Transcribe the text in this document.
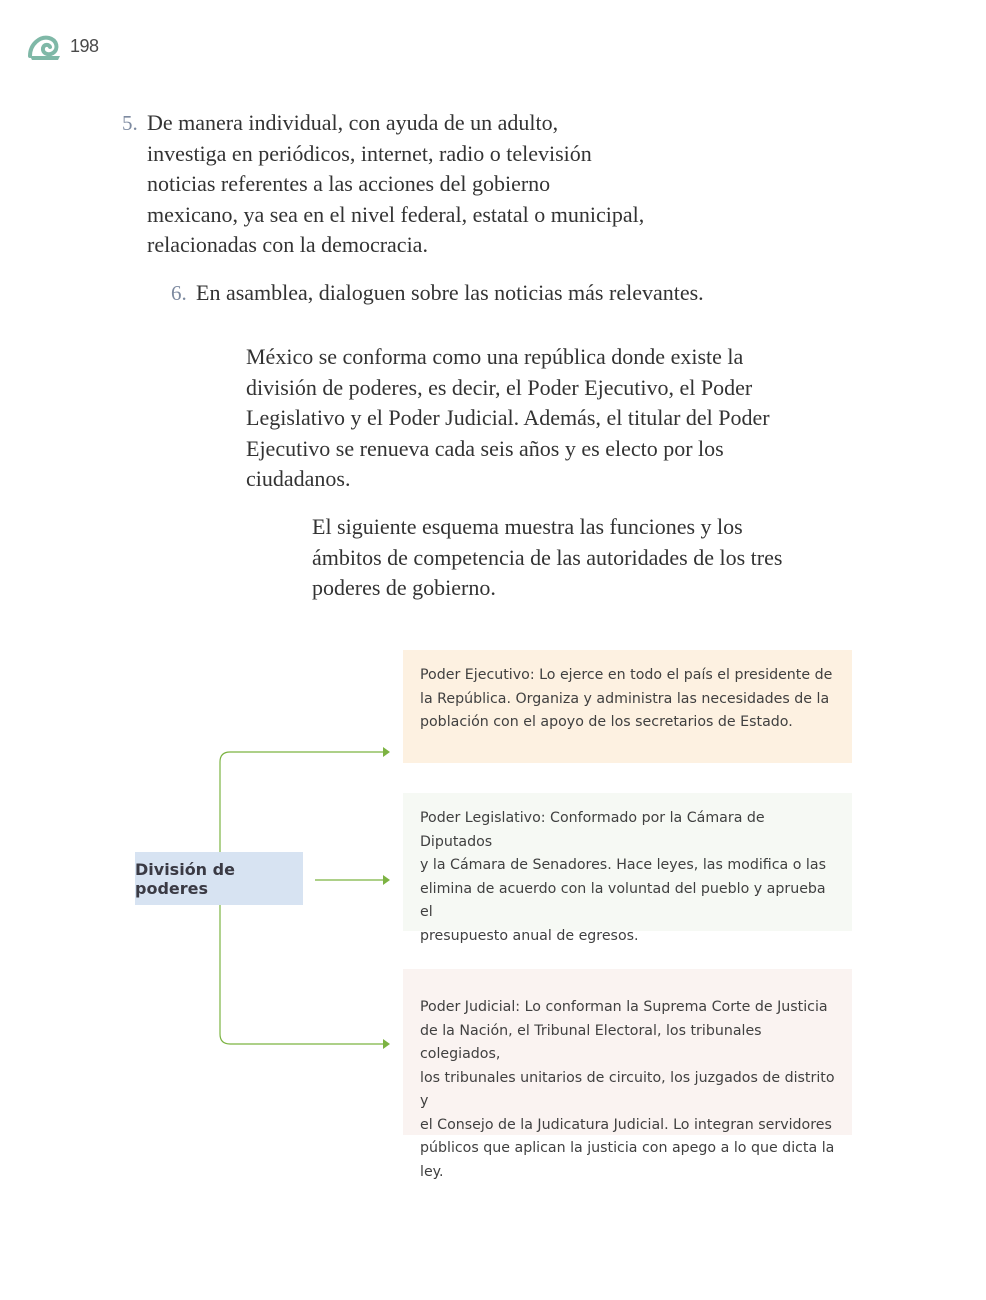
198
5. De manera individual, con ayuda de un adulto,
investiga en periódicos, internet, radio o televisión
noticias referentes a las acciones del gobierno
mexicano, ya sea en el nivel federal, estatal o municipal,
relacionadas con la democracia.
6. En asamblea, dialoguen sobre las noticias más relevantes.
México se conforma como una república donde existe la
división de poderes, es decir, el Poder Ejecutivo, el Poder
Legislativo y el Poder Judicial. Además, el titular del Poder
Ejecutivo se renueva cada seis años y es electo por los
ciudadanos.
El siguiente esquema muestra las funciones y los
ámbitos de competencia de las autoridades de los tres
poderes de gobierno.
División de poderes
Poder Ejecutivo: Lo ejerce en todo el país el presidente de
la República. Organiza y administra las necesidades de la
población con el apoyo de los secretarios de Estado.
Poder Legislativo: Conformado por la Cámara de Diputados
y la Cámara de Senadores. Hace leyes, las modifica o las
elimina de acuerdo con la voluntad del pueblo y aprueba el
presupuesto anual de egresos.
Poder Judicial: Lo conforman la Suprema Corte de Justicia
de la Nación, el Tribunal Electoral, los tribunales colegiados,
los tribunales unitarios de circuito, los juzgados de distrito y
el Consejo de la Judicatura Judicial. Lo integran servidores
públicos que aplican la justicia con apego a lo que dicta la ley.
